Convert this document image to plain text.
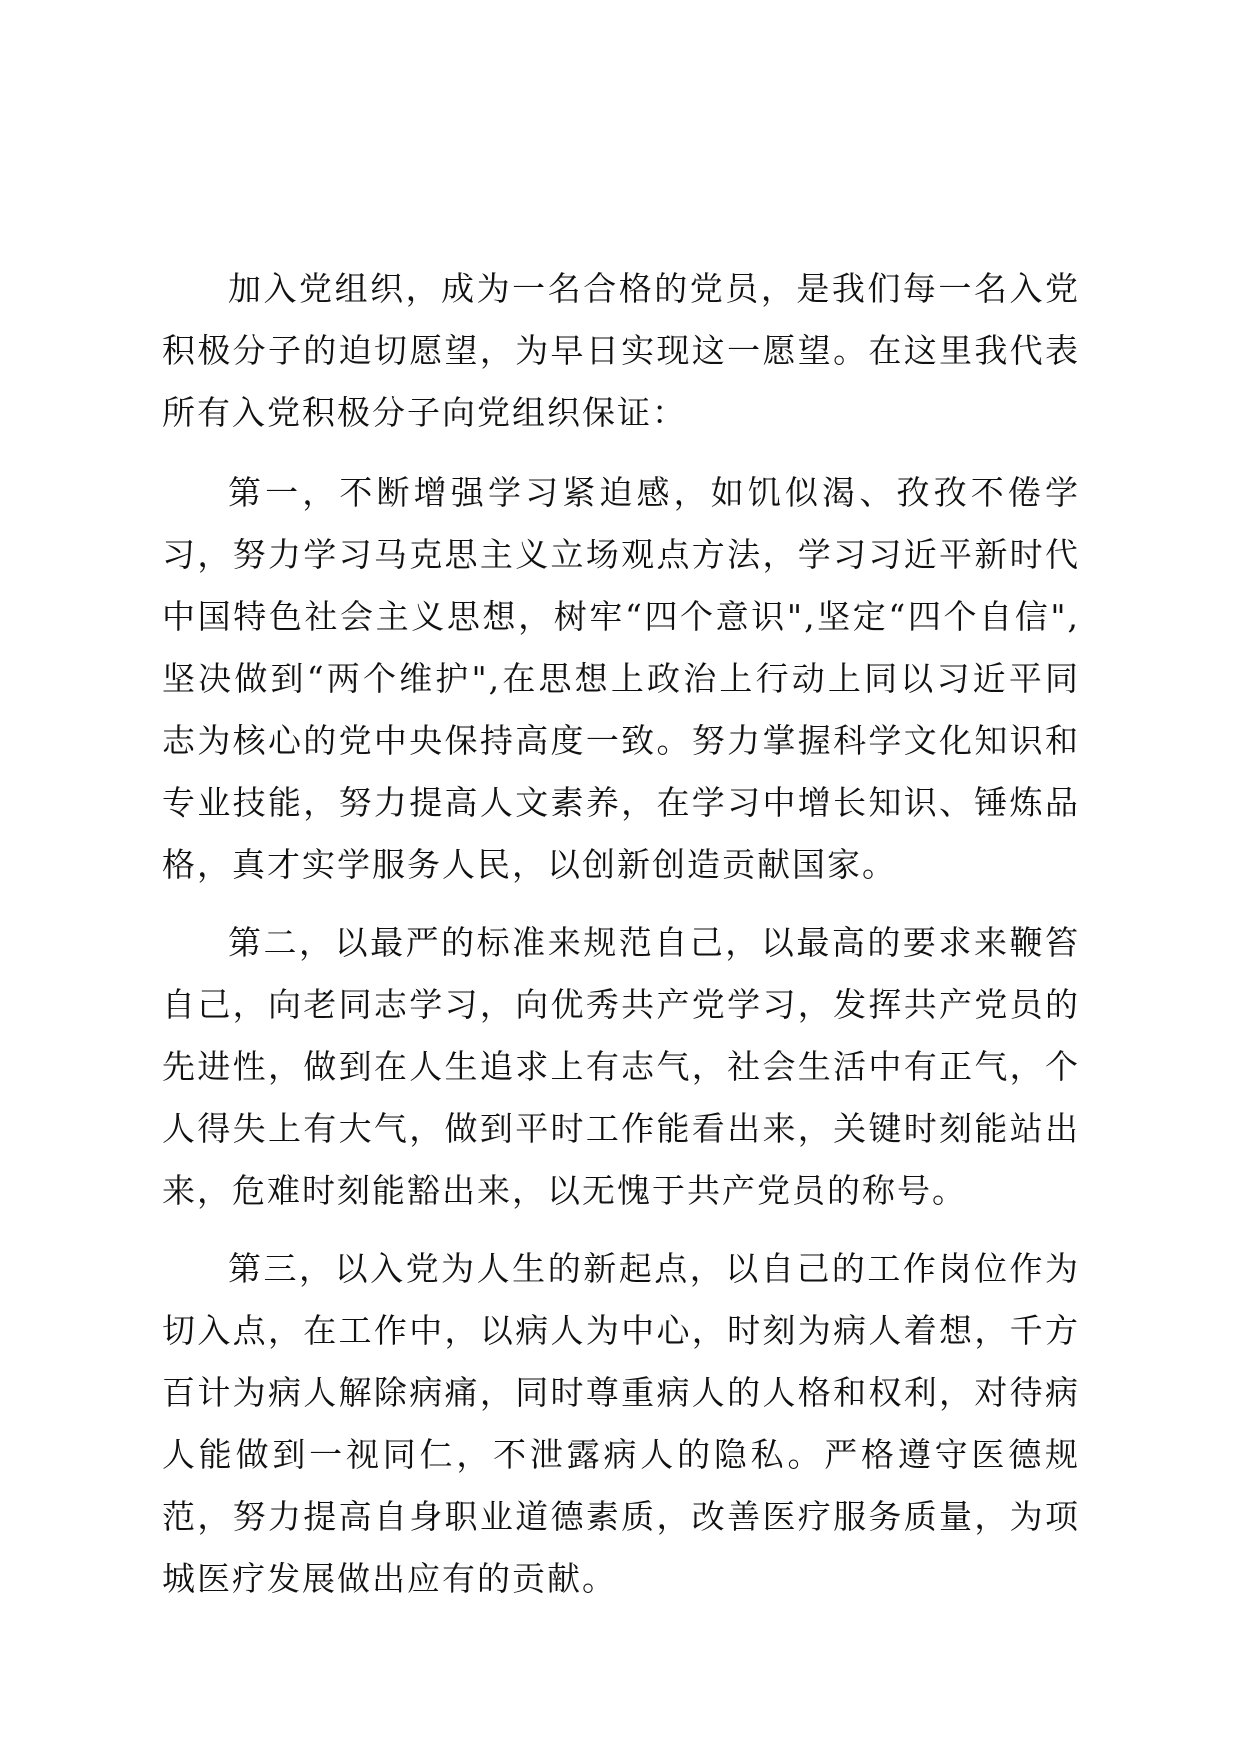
加入党组织，成为一名合格的党员，是我们每一名入党积极分子的迫切愿望，为早日实现这一愿望。在这里我代表所有入党积极分子向党组织保证：

第一，不断增强学习紧迫感，如饥似渴、孜孜不倦学习，努力学习马克思主义立场观点方法，学习习近平新时代中国特色社会主义思想，树牢“四个意识",坚定“四个自信",坚决做到“两个维护",在思想上政治上行动上同以习近平同志为核心的党中央保持高度一致。努力掌握科学文化知识和专业技能，努力提高人文素养，在学习中增长知识、锤炼品格，真才实学服务人民，以创新创造贡献国家。

第二，以最严的标准来规范自己，以最高的要求来鞭笞自己，向老同志学习，向优秀共产党学习，发挥共产党员的先进性，做到在人生追求上有志气，社会生活中有正气，个人得失上有大气，做到平时工作能看出来，关键时刻能站出来，危难时刻能豁出来，以无愧于共产党员的称号。

第三，以入党为人生的新起点，以自己的工作岗位作为切入点，在工作中，以病人为中心，时刻为病人着想，千方百计为病人解除病痛，同时尊重病人的人格和权利，对待病人能做到一视同仁，不泄露病人的隐私。严格遵守医德规范，努力提高自身职业道德素质，改善医疗服务质量，为项城医疗发展做出应有的贡献。
